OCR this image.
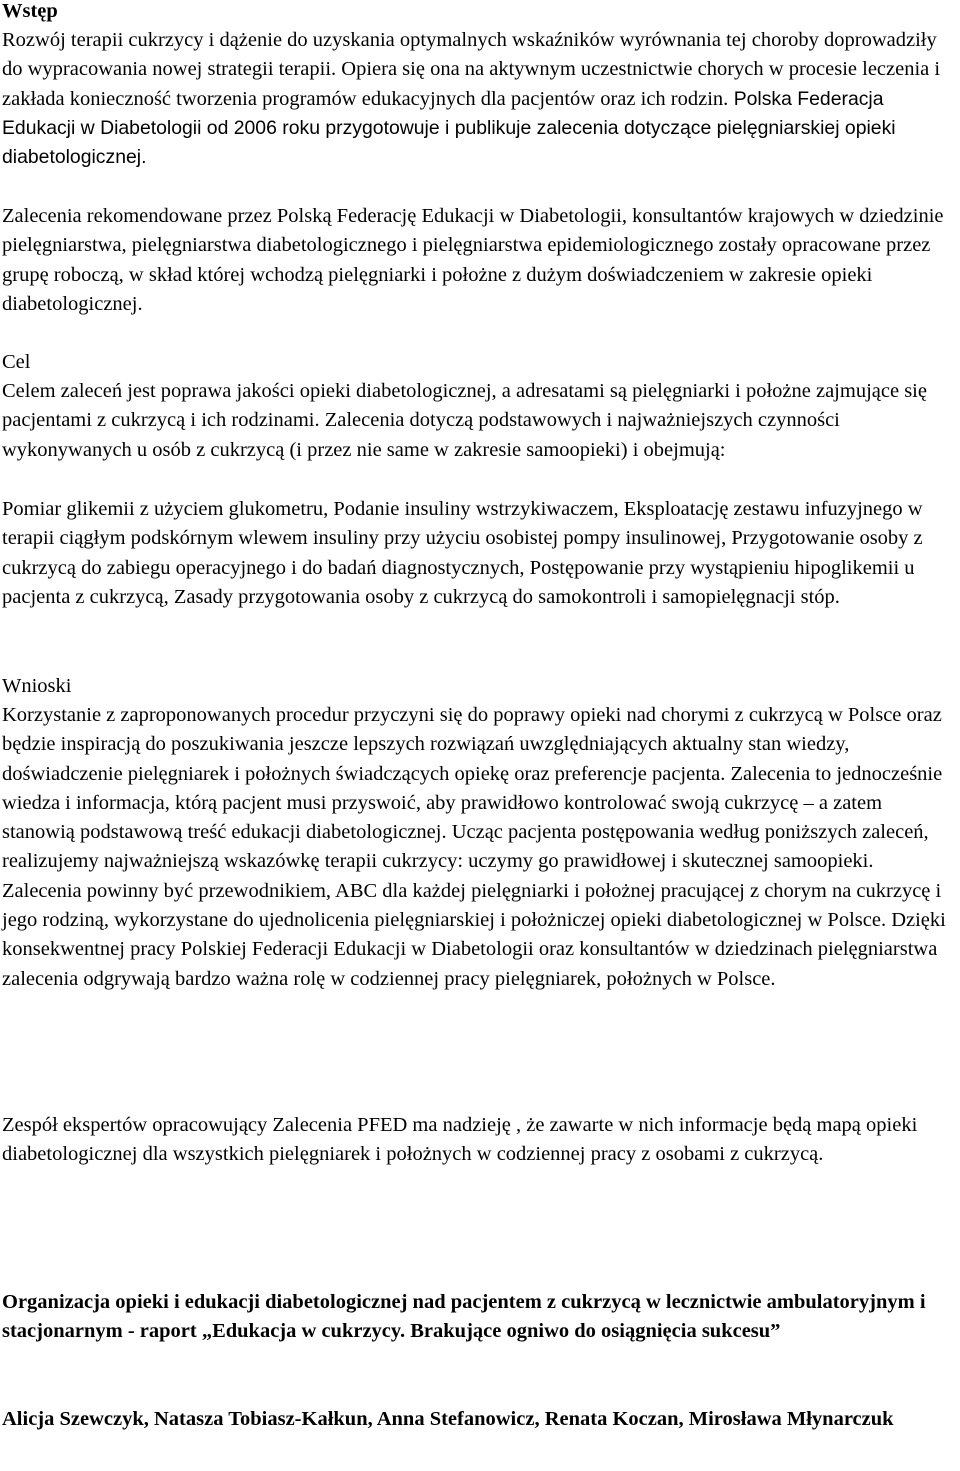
Wstęp
Rozwój terapii cukrzycy i dążenie do uzyskania optymalnych wskaźników wyrównania tej choroby doprowadziły do wypracowania nowej strategii terapii. Opiera się ona na aktywnym uczestnictwie chorych w procesie leczenia i zakłada konieczność tworzenia programów edukacyjnych dla pacjentów oraz ich rodzin. Polska Federacja Edukacji w Diabetologii od 2006 roku przygotowuje i publikuje zalecenia dotyczące pielęgniarskiej opieki diabetologicznej.
Zalecenia rekomendowane przez Polską Federację Edukacji w Diabetologii, konsultantów krajowych w dziedzinie pielęgniarstwa, pielęgniarstwa diabetologicznego i pielęgniarstwa epidemiologicznego zostały opracowane przez grupę roboczą, w skład której wchodzą pielęgniarki i położne z dużym doświadczeniem w zakresie opieki diabetologicznej.
Cel
Celem zaleceń jest poprawa jakości opieki diabetologicznej, a adresatami są pielęgniarki i położne zajmujące się pacjentami z cukrzycą i ich rodzinami. Zalecenia dotyczą podstawowych i najważniejszych czynności wykonywanych u osób z cukrzycą (i przez nie same w zakresie samoopieki) i obejmują:
Pomiar glikemii z użyciem glukometru, Podanie insuliny wstrzykiwaczem, Eksploatację zestawu infuzyjnego w terapii ciągłym podskórnym wlewem insuliny przy użyciu osobistej pompy insulinowej, Przygotowanie osoby z cukrzycą do zabiegu operacyjnego i do badań diagnostycznych, Postępowanie przy wystąpieniu hipoglikemii u pacjenta z cukrzycą, Zasady przygotowania osoby z cukrzycą do samokontroli i samopielęgnacji stóp.
Wnioski
Korzystanie z zaproponowanych procedur przyczyni się do poprawy opieki nad chorymi z cukrzycą w Polsce oraz będzie inspiracją do poszukiwania jeszcze lepszych rozwiązań uwzględniających aktualny stan wiedzy, doświadczenie pielęgniarek i położnych świadczących opiekę oraz preferencje pacjenta. Zalecenia to jednocześnie wiedza i informacja, którą pacjent musi przyswoić, aby prawidłowo kontrolować swoją cukrzycę – a zatem stanowią podstawową treść edukacji diabetologicznej. Ucząc pacjenta postępowania według poniższych zaleceń, realizujemy najważniejszą wskazówkę terapii cukrzycy: uczymy go prawidłowej i skutecznej samoopieki. Zalecenia powinny być przewodnikiem, ABC dla każdej pielęgniarki i położnej pracującej z chorym na cukrzycę i jego rodziną, wykorzystane do ujednolicenia pielęgniarskiej i położniczej opieki diabetologicznej w Polsce. Dzięki konsekwentnej pracy Polskiej Federacji Edukacji w Diabetologii oraz konsultantów w dziedzinach pielęgniarstwa zalecenia odgrywają bardzo ważna rolę w codziennej pracy pielęgniarek, położnych w Polsce.
Zespół ekspertów opracowujący Zalecenia PFED ma nadzieję , że zawarte w nich informacje będą mapą opieki diabetologicznej dla wszystkich pielęgniarek i położnych w codziennej pracy z osobami z cukrzycą.
Organizacja opieki i edukacji diabetologicznej nad pacjentem z cukrzycą w lecznictwie ambulatoryjnym i stacjonarnym - raport „Edukacja w cukrzycy. Brakujące ogniwo do osiągnięcia sukcesu”
Alicja Szewczyk, Natasza Tobiasz-Kałkun, Anna Stefanowicz, Renata Koczan, Mirosława Młynarczuk
